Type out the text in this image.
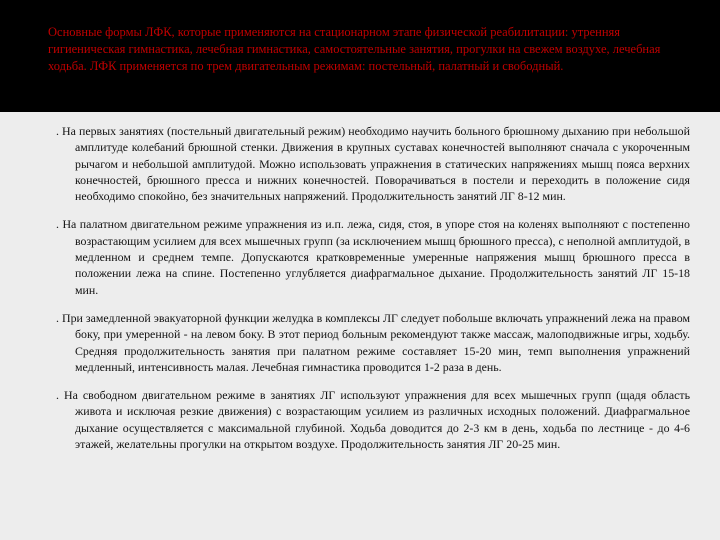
Основные формы ЛФК, которые применяются на стационарном этапе физической реабилитации: утренняя гигиеническая гимнастика, лечебная гимнастика, самостоятельные занятия, прогулки на свежем воздухе, лечебная ходьба. ЛФК применяется по трем двигательным режимам: постельный, палатный и свободный.

. На первых занятиях (постельный двигательный режим) необходимо научить больного брюшному дыханию при небольшой амплитуде колебаний брюшной стенки. Движения в крупных суставах конечностей выполняют сначала с укороченным рычагом и небольшой амплитудой. Можно использовать упражнения в статических напряжениях мышц пояса верхних конечностей, брюшного пресса и нижних конечностей. Поворачиваться в постели и переходить в положение сидя необходимо спокойно, без значительных напряжений. Продолжительность занятий ЛГ 8-12 мин.

. На палатном двигательном режиме упражнения из и.п. лежа, сидя, стоя, в упоре стоя на коленях выполняют с постепенно возрастающим усилием для всех мышечных групп (за исключением мышц брюшного пресса), с неполной амплитудой, в медленном и среднем темпе. Допускаются кратковременные умеренные напряжения мышц брюшного пресса в положении лежа на спине. Постепенно углубляется диафрагмальное дыхание. Продолжительность занятий ЛГ 15-18 мин.

. При замедленной эвакуаторной функции желудка в комплексы ЛГ следует побольше включать упражнений лежа на правом боку, при умеренной - на левом боку. В этот период больным рекомендуют также массаж, малоподвижные игры, ходьбу. Средняя продолжительность занятия при палатном режиме составляет 15-20 мин, темп выполнения упражнений медленный, интенсивность малая. Лечебная гимнастика проводится 1-2 раза в день.

. На свободном двигательном режиме в занятиях ЛГ используют упражнения для всех мышечных групп (щадя область живота и исключая резкие движения) с возрастающим усилием из различных исходных положений. Диафрагмальное дыхание осуществляется с максимальной глубиной. Ходьба доводится до 2-3 км в день, ходьба по лестнице - до 4-6 этажей, желательны прогулки на открытом воздухе. Продолжительность занятия ЛГ 20-25 мин.
